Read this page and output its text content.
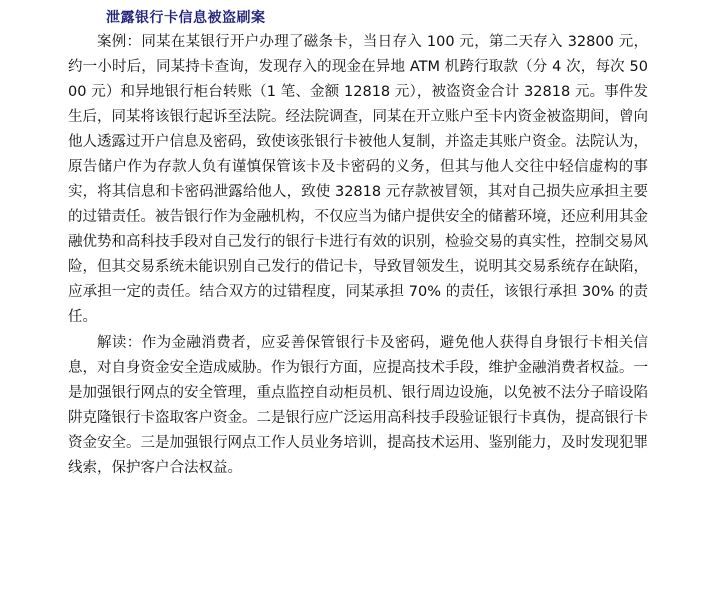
泄露银行卡信息被盗刷案

案例：同某在某银行开户办理了磁条卡，当日存入 100 元，第二天存入 32800 元，约一小时后，同某持卡查询，发现存入的现金在异地 ATM 机跨行取款（分 4 次，每次 5000 元）和异地银行柜台转账（1 笔、金额 12818 元），被盗资金合计 32818 元。事件发生后，同某将该银行起诉至法院。经法院调查，同某在开立账户至卡内资金被盗期间，曾向他人透露过开户信息及密码，致使该张银行卡被他人复制，并盗走其账户资金。法院认为，原告储户作为存款人负有谨慎保管该卡及卡密码的义务，但其与他人交往中轻信虚构的事实，将其信息和卡密码泄露给他人，致使 32818 元存款被冒领，其对自己损失应承担主要的过错责任。被告银行作为金融机构，不仅应当为储户提供安全的储蓄环境，还应利用其金融优势和高科技手段对自己发行的银行卡进行有效的识别，检验交易的真实性，控制交易风险，但其交易系统未能识别自己发行的借记卡，导致冒领发生，说明其交易系统存在缺陷，应承担一定的责任。结合双方的过错程度，同某承担 70% 的责任，该银行承担 30% 的责任。

解读：作为金融消费者，应妥善保管银行卡及密码，避免他人获得自身银行卡相关信息，对自身资金安全造成威胁。作为银行方面，应提高技术手段，维护金融消费者权益。一是加强银行网点的安全管理，重点监控自动柜员机、银行周边设施，以免被不法分子暗设陷阱克隆银行卡盗取客户资金。二是银行应广泛运用高科技手段验证银行卡真伪，提高银行卡资金安全。三是加强银行网点工作人员业务培训，提高技术运用、鉴别能力，及时发现犯罪线索，保护客户合法权益。
